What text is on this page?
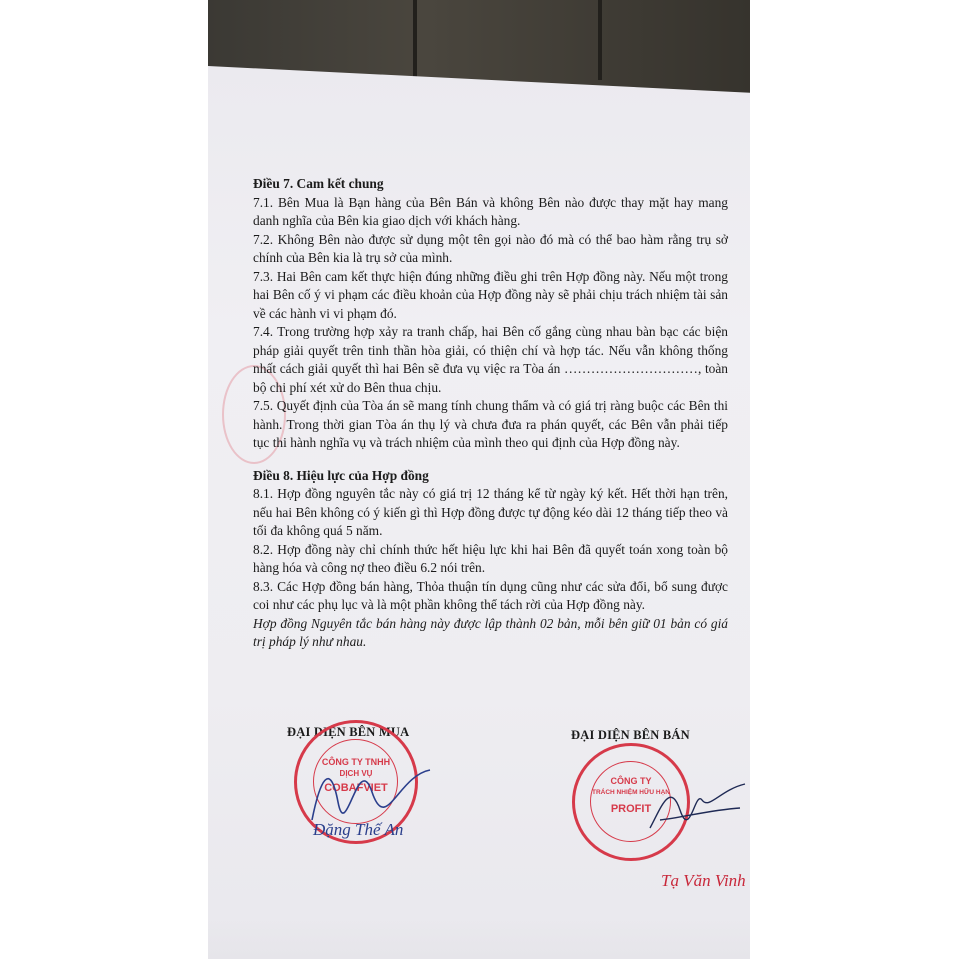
Điều 7. Cam kết chung

7.1. Bên Mua là Bạn hàng của Bên Bán và không Bên nào được thay mặt hay mang danh nghĩa của Bên kia giao dịch với khách hàng.

7.2. Không Bên nào được sử dụng một tên gọi nào đó mà có thể bao hàm rằng trụ sở chính của Bên kia là trụ sở của mình.

7.3. Hai Bên cam kết thực hiện đúng những điều ghi trên Hợp đồng này. Nếu một trong hai Bên cố ý vi phạm các điều khoản của Hợp đồng này sẽ phải chịu trách nhiệm tài sản về các hành vi vi phạm đó.

7.4. Trong trường hợp xảy ra tranh chấp, hai Bên cố gắng cùng nhau bàn bạc các biện pháp giải quyết trên tinh thần hòa giải, có thiện chí và hợp tác. Nếu vẫn không thống nhất cách giải quyết thì hai Bên sẽ đưa vụ việc ra Tòa án …………………………, toàn bộ chi phí xét xử do Bên thua chịu.

7.5. Quyết định của Tòa án sẽ mang tính chung thẩm và có giá trị ràng buộc các Bên thi hành. Trong thời gian Tòa án thụ lý và chưa đưa ra phán quyết, các Bên vẫn phải tiếp tục thi hành nghĩa vụ và trách nhiệm của mình theo qui định của Hợp đồng này.

Điều 8. Hiệu lực của Hợp đồng

8.1. Hợp đồng nguyên tắc này có giá trị 12 tháng kể từ ngày ký kết. Hết thời hạn trên, nếu hai Bên không có ý kiến gì thì Hợp đồng được tự động kéo dài 12 tháng tiếp theo và tối đa không quá 5 năm.

8.2. Hợp đồng này chỉ chính thức hết hiệu lực khi hai Bên đã quyết toán xong toàn bộ hàng hóa và công nợ theo điều 6.2 nói trên.

8.3. Các Hợp đồng bán hàng, Thỏa thuận tín dụng cũng như các sửa đổi, bổ sung được coi như các phụ lục và là một phần không thể tách rời của Hợp đồng này.

Hợp đồng Nguyên tắc bán hàng này được lập thành 02 bản, mỗi bên giữ 01 bản có giá trị pháp lý như nhau.

ĐẠI DIỆN BÊN MUA	ĐẠI DIỆN BÊN BÁN
CÔNG TY TNHH
DỊCH VỤ
COBAFVIET
Đặng Thế An
CÔNG TY
TRÁCH NHIỆM HỮU HẠN
PROFIT
Tạ Văn Vinh
